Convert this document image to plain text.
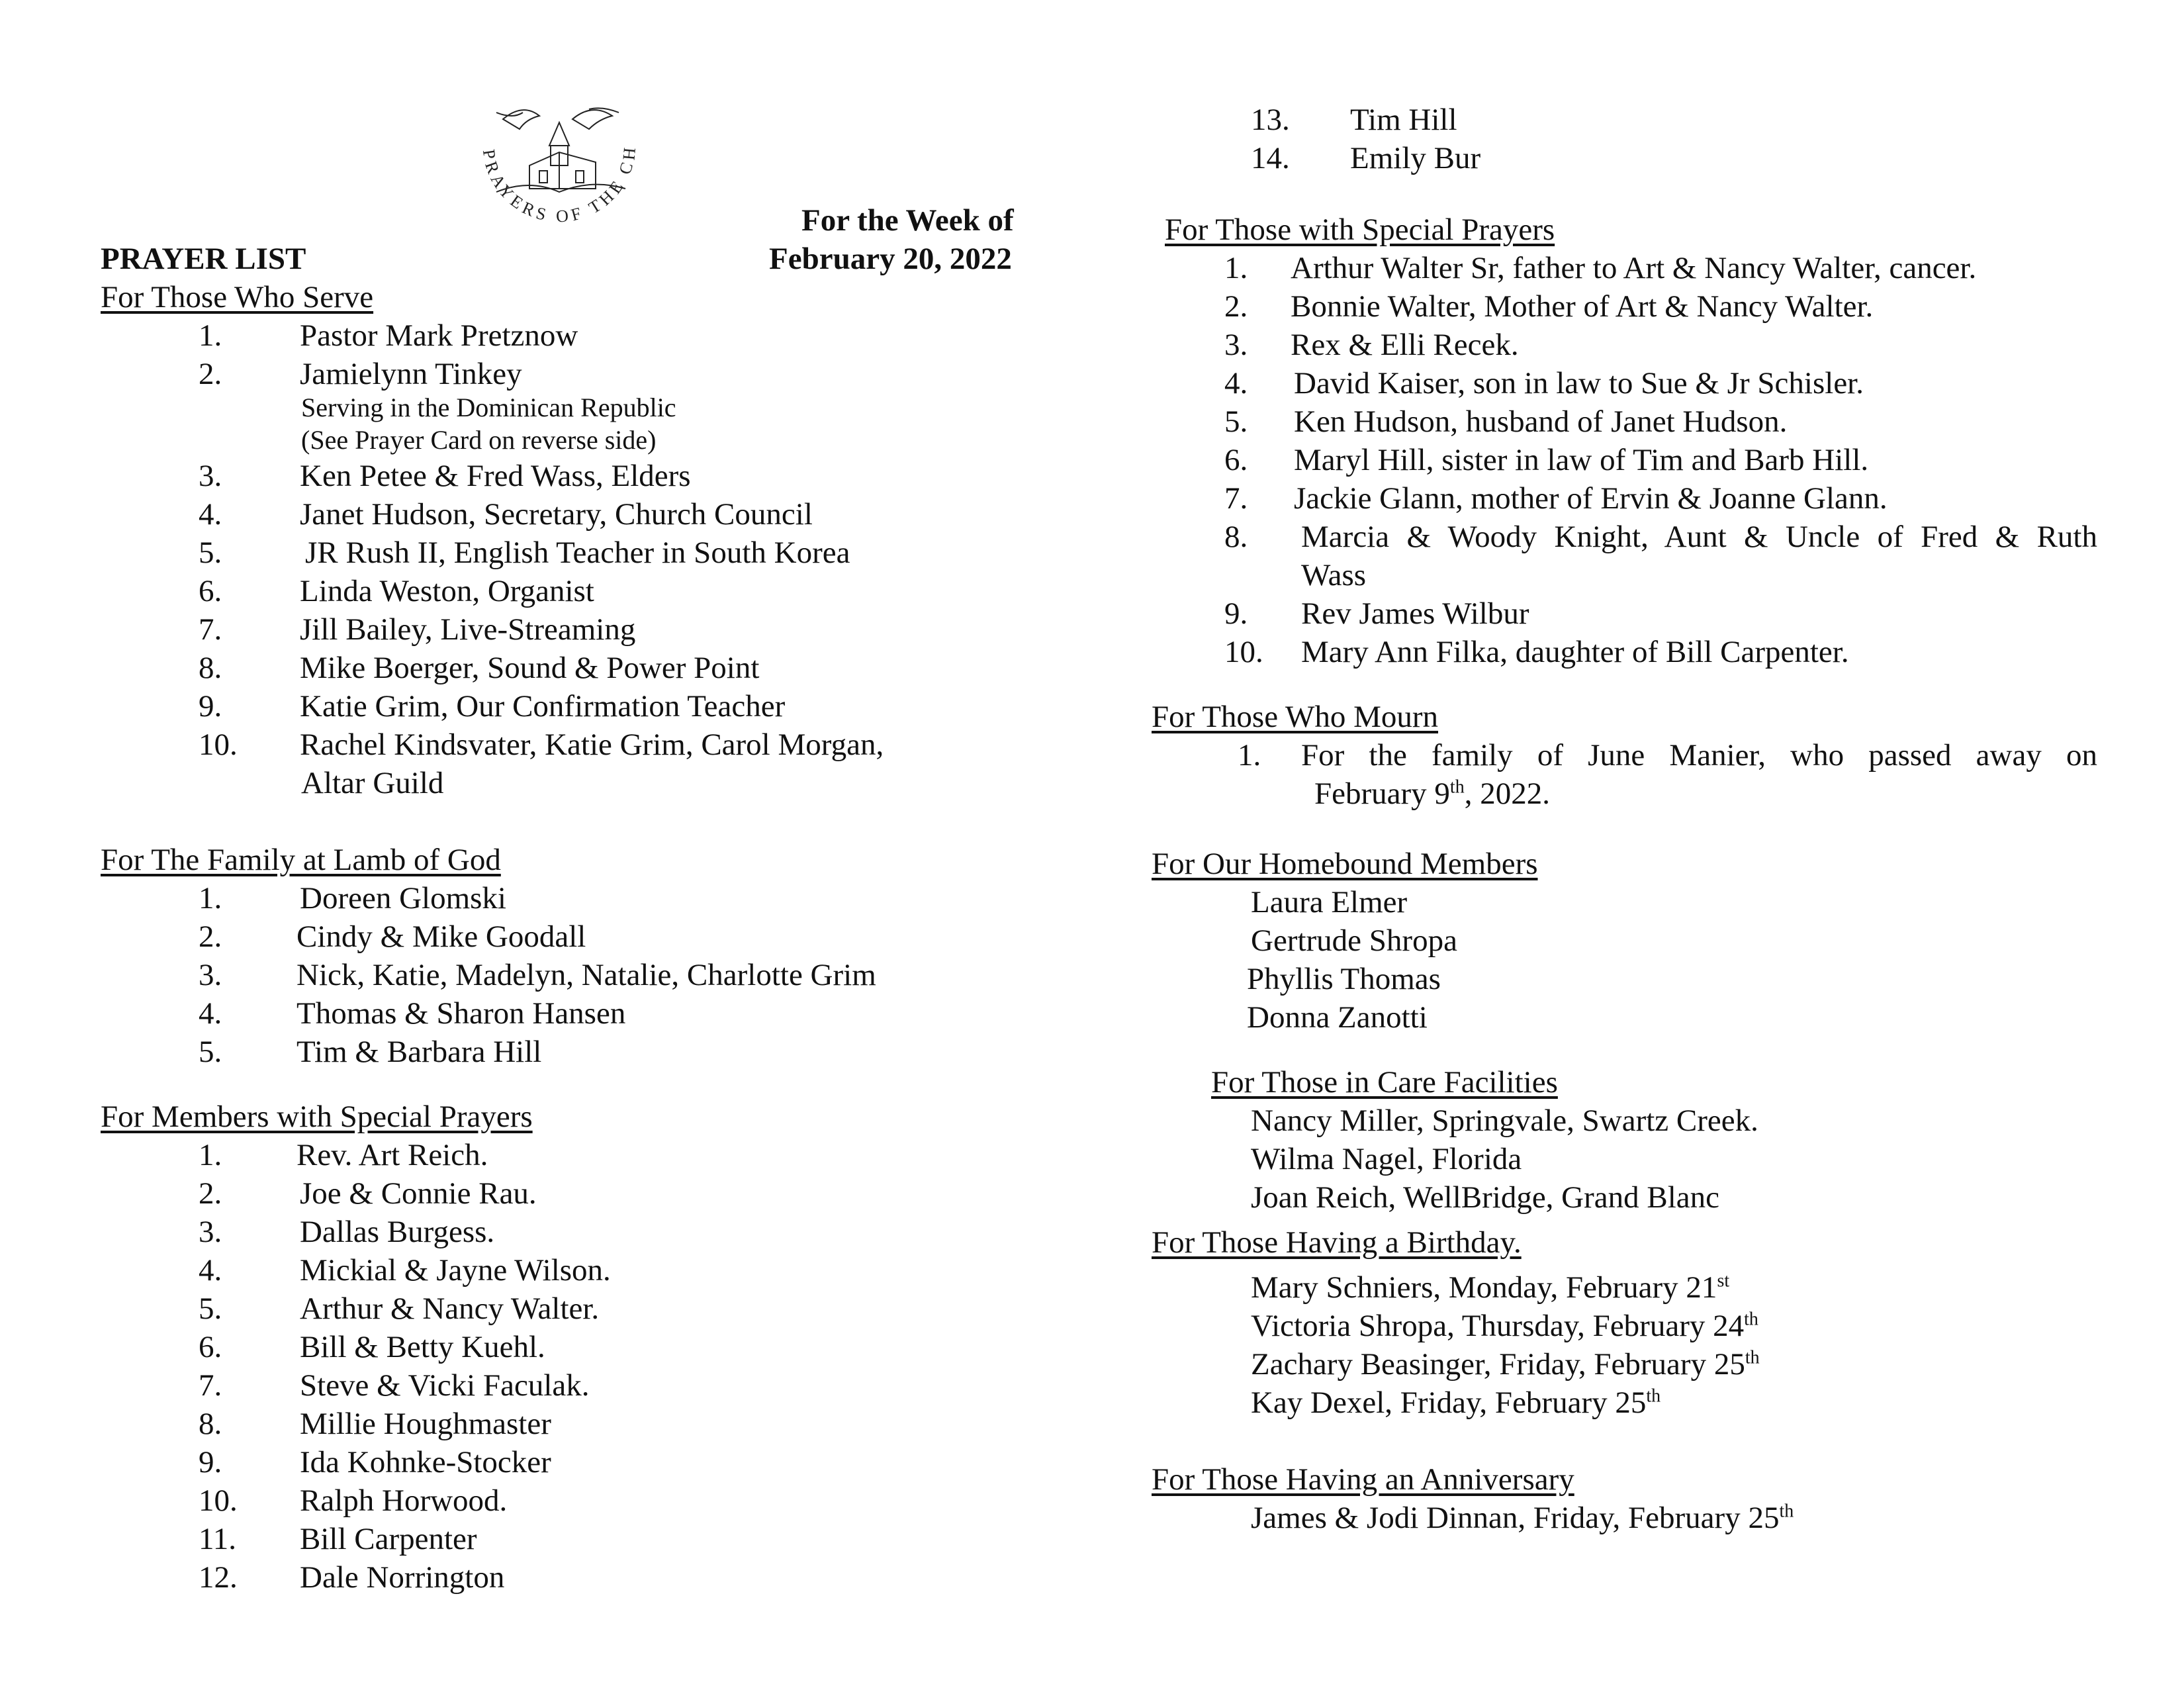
PRAYERS OF THE CH
For the Week of
February 20, 2022
PRAYER LIST
For Those Who Serve
1.	Pastor Mark Pretznow
2.	Jamielynn Tinkey
Serving in the Dominican Republic
(See Prayer Card on reverse side)
3.	Ken Petee & Fred Wass, Elders
4.	Janet Hudson, Secretary, Church Council
5.	JR Rush II, English Teacher in South Korea
6.	Linda Weston, Organist
7.	Jill Bailey, Live-Streaming
8.	Mike Boerger, Sound & Power Point
9.	Katie Grim, Our Confirmation Teacher
10. Rachel Kindsvater, Katie Grim, Carol Morgan,
Altar Guild
For The Family at Lamb of God
1.	Doreen Glomski
2. Cindy & Mike Goodall
3. Nick, Katie, Madelyn, Natalie, Charlotte Grim
4. Thomas & Sharon Hansen
5. Tim & Barbara Hill
For Members with Special Prayers
1. Rev. Art Reich.
2.	Joe & Connie Rau.
3.	Dallas Burgess.
4.	Mickial & Jayne Wilson.
5.	Arthur & Nancy Walter.
6.	Bill & Betty Kuehl.
7.	Steve & Vicki Faculak.
8.	Millie Houghmaster
9.	Ida Kohnke-Stocker
10. Ralph Horwood.
11. Bill Carpenter
12. Dale Norrington
13. Tim Hill
14. Emily Bur
For Those with Special Prayers
1. Arthur Walter Sr, father to Art & Nancy Walter, cancer.
2. Bonnie Walter, Mother of Art & Nancy Walter.
3. Rex & Elli Recek.
4. David Kaiser, son in law to Sue & Jr Schisler.
5. Ken Hudson, husband of Janet Hudson.
6. Maryl Hill, sister in law of Tim and Barb Hill.
7. Jackie Glann, mother of Ervin & Joanne Glann.
8. Marcia & Woody Knight, Aunt & Uncle of Fred & Ruth
Wass
9. Rev James Wilbur
10. Mary Ann Filka, daughter of Bill Carpenter.
For Those Who Mourn
1. For the family of June Manier, who passed away on
February 9th, 2022.
For Our Homebound Members
Laura Elmer
Gertrude Shropa
Phyllis Thomas
Donna Zanotti
For Those in Care Facilities
Nancy Miller, Springvale, Swartz Creek.
Wilma Nagel, Florida
Joan Reich, WellBridge, Grand Blanc
For Those Having a Birthday.
Mary Schniers, Monday, February 21st
Victoria Shropa, Thursday, February 24th
Zachary Beasinger, Friday, February 25th
Kay Dexel, Friday, February 25th
For Those Having an Anniversary
James & Jodi Dinnan, Friday, February 25th
